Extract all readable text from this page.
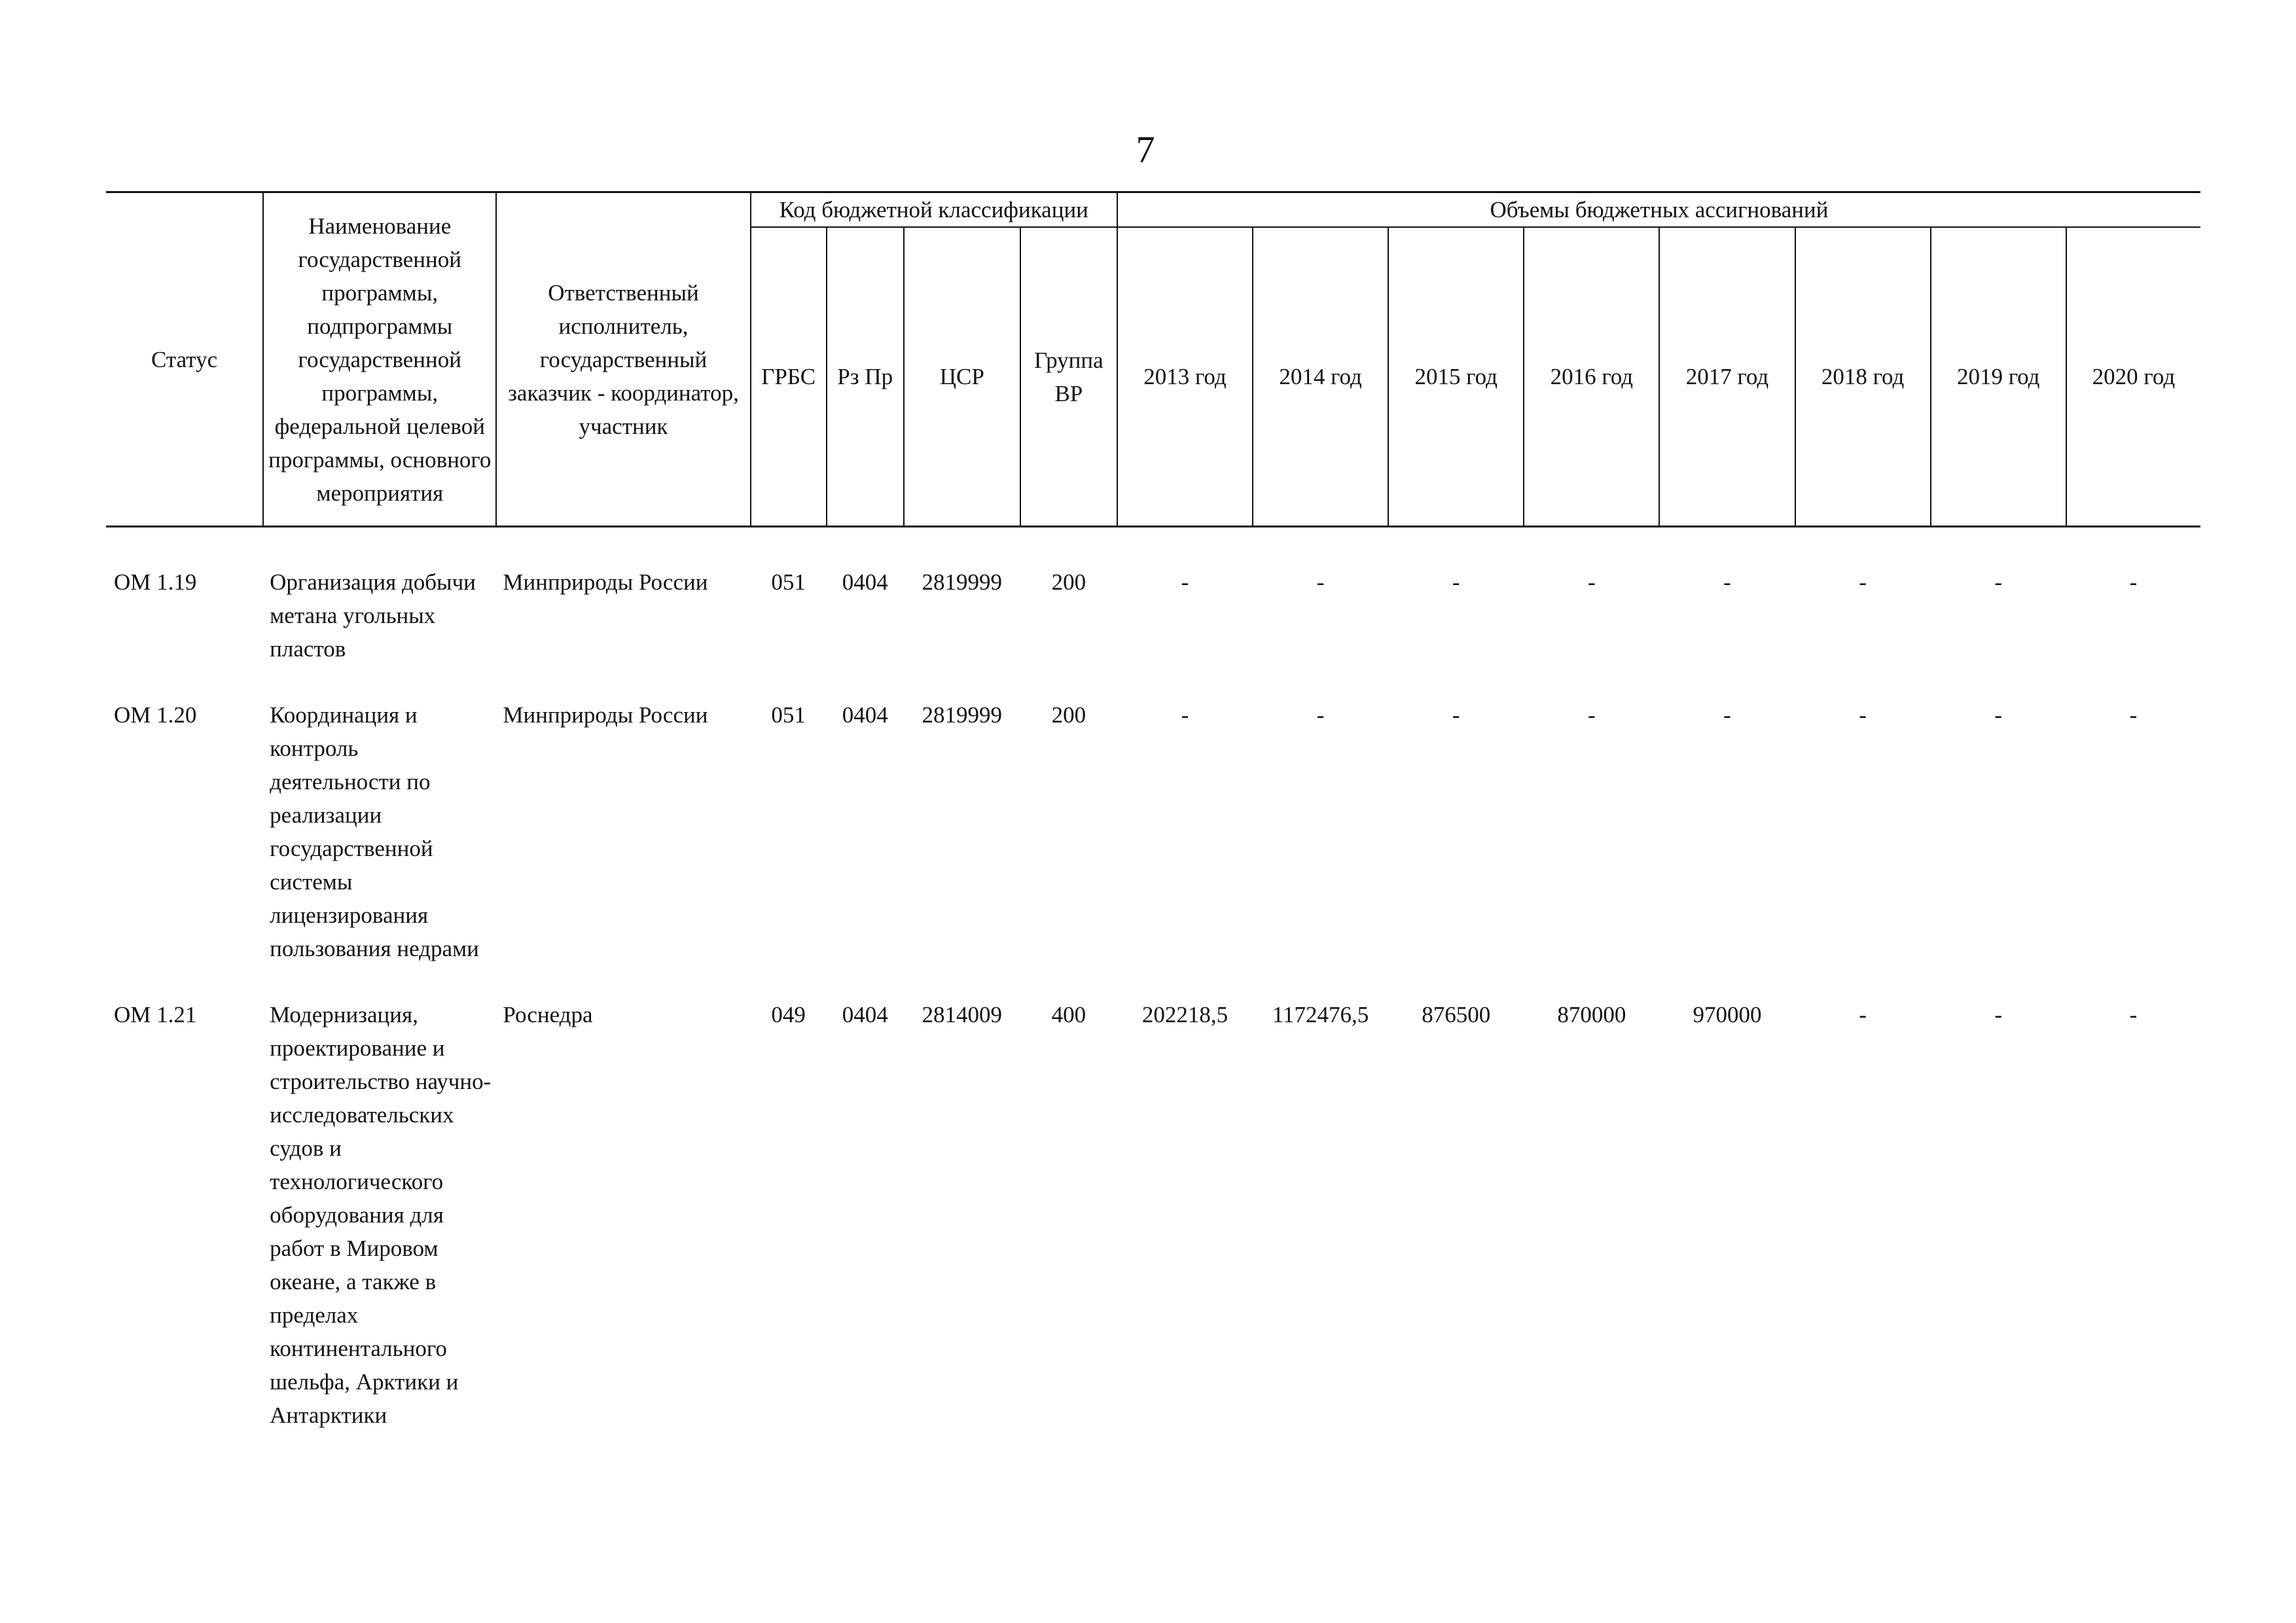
7
Статус	Наименование государственной программы, подпрограммы государственной программы, федеральной целевой программы, основного мероприятия	Ответственный исполнитель, государственный заказчик - координатор, участник	Код бюджетной классификации				Объемы бюджетных ассигнований							
			ГРБС	Рз Пр	ЦСР	Группа ВР	2013 год	2014 год	2015 год	2016 год	2017 год	2018 год	2019 год	2020 год

ОМ 1.19	Организация добычи метана угольных пластов	Минприроды России	051	0404	2819999	200	-	-	-	-	-	-	-	-

ОМ 1.20	Координация и контроль деятельности по реализации государственной системы лицензирования пользования недрами	Минприроды России	051	0404	2819999	200	-	-	-	-	-	-	-	-

ОМ 1.21	Модернизация, проектирование и строительство научно-исследовательских судов и технологического оборудования для работ в Мировом океане, а также в пределах континентального шельфа, Арктики и Антарктики	Роснедра	049	0404	2814009	400	202218,5	1172476,5	876500	870000	970000	-	-	-
